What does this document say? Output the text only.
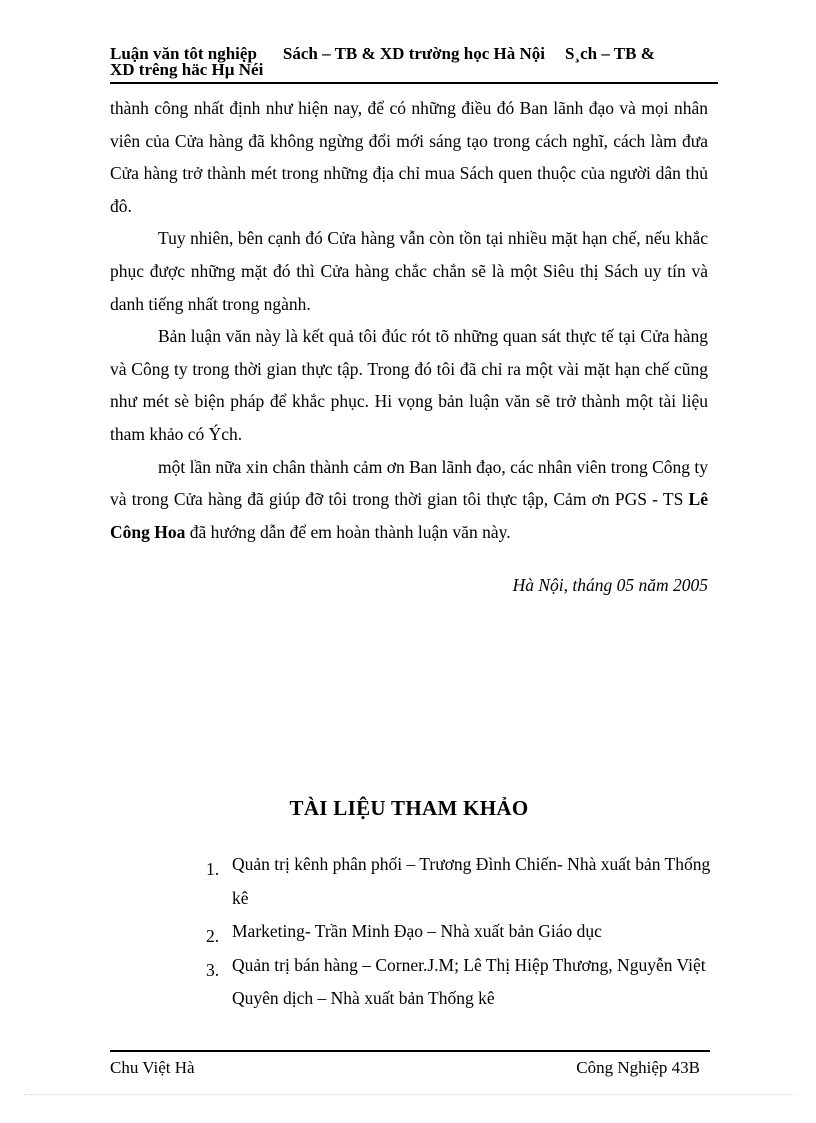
Luận văn tôt nghiệp Sách – TB & XD trường học Hà Nội S¸ch – TB &
XD trêng häc Hµ Néi

thành công nhất định như hiện nay, để có những điều đó Ban lãnh đạo và mọi nhân viên của Cửa hàng đã không ngừng đổi mới sáng tạo trong cách nghĩ, cách làm đưa Cửa hàng trở thành mét trong những địa chỉ mua Sách quen thuộc của người dân thủ đô.

Tuy nhiên, bên cạnh đó Cửa hàng vẫn còn tồn tại nhiều mặt hạn chế, nếu khắc phục được những mặt đó thì Cửa hàng chắc chắn sẽ là một Siêu thị Sách uy tín và danh tiếng nhất trong ngành.

Bản luận văn này là kết quả tôi đúc rót tõ những quan sát thực tế tại Cửa hàng và Công ty trong thời gian thực tập. Trong đó tôi đã chỉ ra một vài mặt hạn chế cũng như mét sè biện pháp để khắc phục. Hi vọng bản luận văn sẽ trở thành một tài liệu tham khảo có Ých.

một lần nữa xin chân thành cảm ơn Ban lãnh đạo, các nhân viên trong Công ty và trong Cửa hàng đã giúp đỡ tôi trong thời gian tôi thực tập, Cảm ơn PGS - TS Lê Công Hoa đã hướng dẫn để em hoàn thành luận văn này.

Hà Nội, tháng 05 năm 2005
TÀI LIỆU THAM KHẢO
1. Quản trị kênh phân phối – Trương Đình Chiến- Nhà xuất bản Thống kê
2. Marketing- Trần Minh Đạo – Nhà xuất bản Giáo dục
3. Quản trị bán hàng – Corner.J.M; Lê Thị Hiệp Thương, Nguyễn Việt Quyên dịch – Nhà xuất bản Thống kê
Chu Việt Hà	Công Nghiệp 43B
